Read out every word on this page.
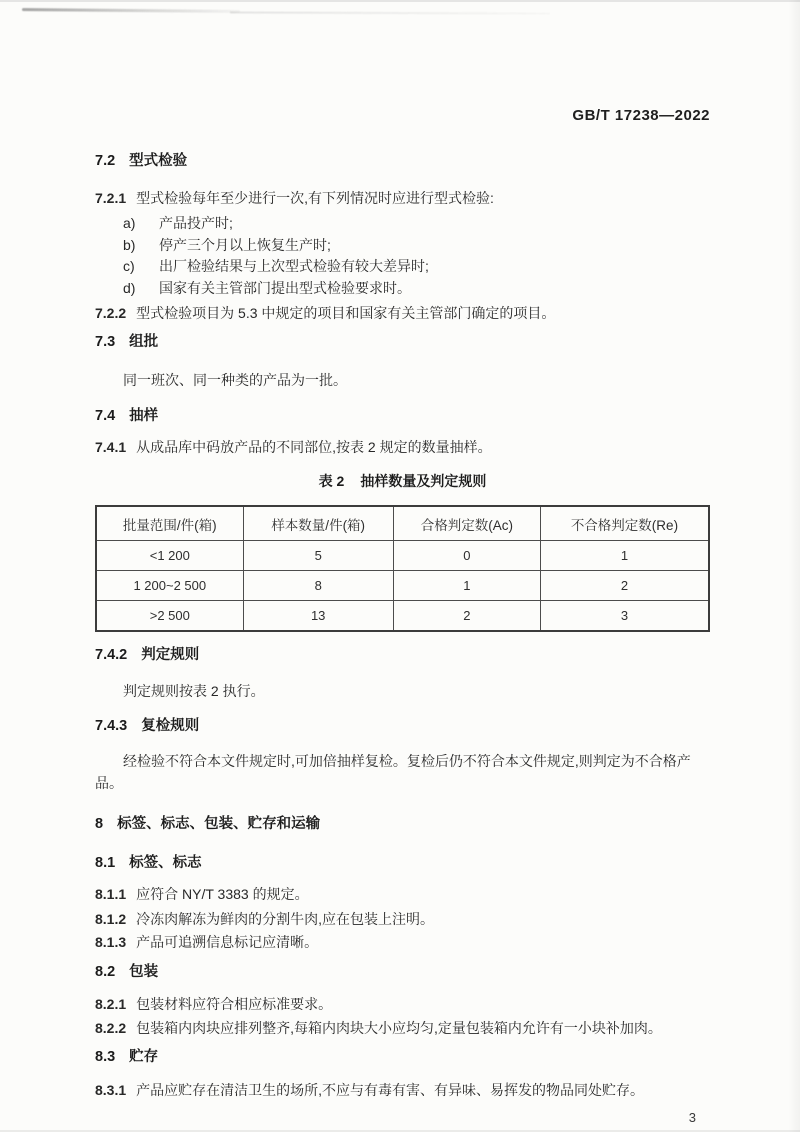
GB/T 17238—2022
7.2 型式检验

7.2.1 型式检验每年至少进行一次,有下列情况时应进行型式检验:

a) 产品投产时;
b) 停产三个月以上恢复生产时;
c) 出厂检验结果与上次型式检验有较大差异时;
d) 国家有关主管部门提出型式检验要求时。

7.2.2 型式检验项目为 5.3 中规定的项目和国家有关主管部门确定的项目。

7.3 组批

同一班次、同一种类的产品为一批。

7.4 抽样

7.4.1 从成品库中码放产品的不同部位,按表 2 规定的数量抽样。

表 2 抽样数量及判定规则
批量范围/件(箱)	样本数量/件(箱)	合格判定数(Ac)	不合格判定数(Re)
<1 200	5	0	1
1 200~2 500	8	1	2
>2 500	13	2	3
7.4.2 判定规则

判定规则按表 2 执行。

7.4.3 复检规则

经检验不符合本文件规定时,可加倍抽样复检。复检后仍不符合本文件规定,则判定为不合格产品。

8 标签、标志、包装、贮存和运输
8.1 标签、标志

8.1.1 应符合 NY/T 3383 的规定。

8.1.2 冷冻肉解冻为鲜肉的分割牛肉,应在包装上注明。

8.1.3 产品可追溯信息标记应清晰。

8.2 包装

8.2.1 包装材料应符合相应标准要求。

8.2.2 包装箱内肉块应排列整齐,每箱内肉块大小应均匀,定量包装箱内允许有一小块补加肉。

8.3 贮存

8.3.1 产品应贮存在清洁卫生的场所,不应与有毒有害、有异味、易挥发的物品同处贮存。

3
